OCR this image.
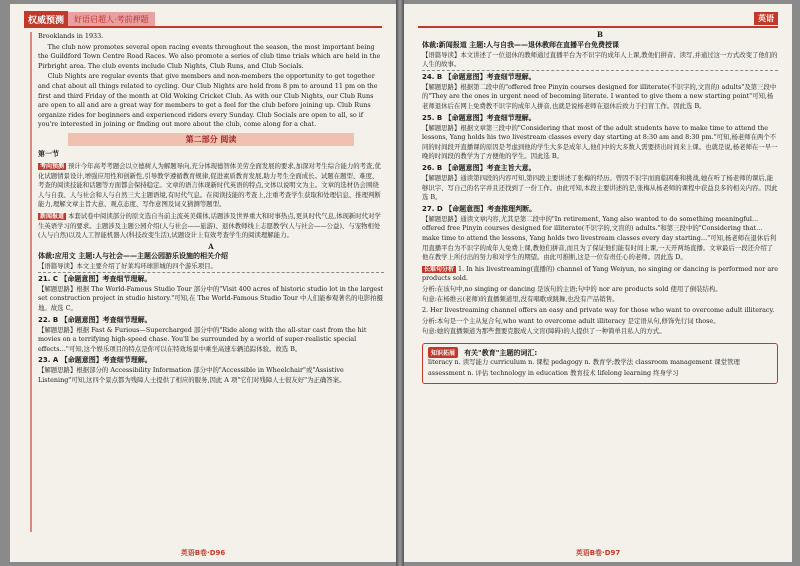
权威预测	好语启超人·考前押题

Brooklands in 1933.

The club now promotes several open racing events throughout the season, the most important being the Guildford Town Centre Road Races. We also promote a series of club time trials which are held in the Pirbright area. The club events include Club Nights, Club Runs, and Club Socials.

Club Nights are regular events that give members and non-members the opportunity to get together and chat about all things related to cycling. Our Club Nights are held from 8 pm to around 11 pm on the first and third Friday of the month at Old Woking Cricket Club. As with our Club Nights, our Club Runs are open to all and are a great way for members to get a feel for the club before joining up. Club Runs organize rides for beginners and experienced riders every Sunday. Club Socials are open to all, so if you're interested in joining or finding out more about the club, come along for a chat.

第二部分 阅读
第一节

考向预测 预计今年高考考题会以立德树人为解题导向,充分体现德智体美劳全面发展的要求,加深对考生综合能力的考查,优化试题情景设计,增强应用性和创新性,引导教学遵循教育规律,促进素质教育发展,助力考生全面成长。试题在题型、难度、考查的阅读技能和话题等方面都会保持稳定。文章的语言体现新时代英语的特点,文体以说明文为主。文章的选材仍会围绕人与自我、人与社会和人与自然三大主题语境,有时代气息。在阅读技能的考查上,注重考查学生获取和处理信息、推理判断能力,理解文章主旨大意、观点态度、写作意图及词义猜测等题型。

新闻报道 本套试卷中阅读部分的原文选自当前主流英美媒体,话题涉及世界重大和时事热点,更具时代气息,体现新时代对学生英语学习的要求。主题涉及主题公园介绍(人与社会——旅游)、退休教师线上志愿教学(人与社会——公益)、与宠物相处(人与自然)以及人工智能机器人(科技改变生活),试题设计上有效考查学生的阅读理解能力。

A

体裁:应用文 主题:人与社会——主题公园游乐设施的相关介绍

【语篇导读】本文主要介绍了好莱坞环球影城的四个游乐项目。

21. C 【命题意图】考查细节理解。

【解题思路】根据 The World-Famous Studio Tour 部分中的"Visit 400 acres of historic studio lot in the largest set construction project in studio history."可知,在 The World-Famous Studio Tour 中人们能参观著名的电影拍摄地。故选 C。

22. B 【命题意图】考查细节理解。

【解题思路】根据 Fast & Furious—Supercharged 部分中的"Ride along with the all-star cast from the hit movies on a terrifying high-speed chase. You'll be surrounded by a world of super-realistic special effects…"可知,这个娱乐项目的特点是你可以在特效场景中乘坐高速车辆追踪体验。故选 B。

23. A 【命题意图】考查细节理解。

【解题思路】根据部分的 Accessibility Information 部分中的"Accessible in Wheelchair"或"Assistive Listening"可知,这四个景点都为残障人士提供了相应的服务,因此 A 项"它们对残障人士很友好"为正确答案。

英语B卷·D96
英语
B

体裁:新闻报道 主题:人与自我——退休教师在直播平台免费授课

【语篇导读】本文讲述了一位退休的教师通过直播平台为不识字的成年人上课,教他们拼音、读写,并通过这一方式改变了他们的人生的故事。

24. B 【命题意图】考查细节理解。

【解题思路】根据第二段中的"offered free Pinyin courses designed for illiterate(不识字的,文盲的) adults"及第三段中的"They are the ones in urgent need of becoming literate. I wanted to give them a new starting point"可知,杨老师退休后在网上免费教不识字的成年人拼音,也就是说杨老师在退休后致力于扫盲工作。因此选 B。

25. B 【命题意图】考查细节理解。

【解题思路】根据文章第三段中的"Considering that most of the adult students have to make time to attend the lessons, Yang holds his two livestream classes every day starting at 8:30 am and 8:30 pm."可知,杨老师在两个不同的时间段开直播课的原因是考虑到他的学生大多是成年人,他们中的大多数人需要挤出时间来上课。也就是说,杨老师在一早一晚的时间段的教学为了方便他的学生。因此选 B。

26. B 【命题意图】考查主旨大意。

【解题思路】通读第四段的内容可知,第四段主要讲述了张梅的经历。曾因不识字而面临困难和挑战,她在听了杨老师的课后,能够识字、写自己的名字并且还找到了一份工作。由此可知,本段主要讲述的是,张梅从杨老师的课程中获益良多的相关内容。因此选 B。

27. D 【命题意图】考查推理判断。

【解题思路】通读文章内容,尤其是第二段中的"In retirement, Yang also wanted to do something meaningful…offered free Pinyin courses designed for illiterate(不识字的,文盲的) adults."和第三段中的"Considering that…make time to attend the lessons, Yang holds two livestream classes every day starting…"可知,杨老师在退休后利用直播平台为不识字的成年人免费上课,教他们拼音,而且为了保证他们能有时间上课,一天开两场直播。文章最后一段还介绍了他在教学上所付出的努力和对学生的期望。由此可推断,这是一位有责任心的老师。因此选 D。

长难句分析 1. In his livestreaming(直播的) channel of Yang Weiyun, no singing or dancing is performed nor are products sold.

分析:在该句中,no singing or dancing 是该句的主语;句中的 nor are products sold 使用了倒装结构。

句意:在杨维云(老师)的直播频道里,没有唱歌或跳舞,也没有产品销售。

2. Her livestreaming channel offers an easy and private way for those who want to overcome adult illiteracy.

分析:本句是一个主从复合句,who want to overcome adult illiteracy 是定语从句,修饰先行词 those。

句意:她的直播频道为那些想要克服成人文盲(障碍)的人提供了一种简单且私人的方式。

知识拓展 有关"教育"主题的词汇:

literacy n. 读写能力 curriculum n. 课程 pedagogy n. 教育学;教学法 classroom management 课堂管理

assessment n. 评估 technology in education 教育技术 lifelong learning 终身学习

英语B卷·D97
